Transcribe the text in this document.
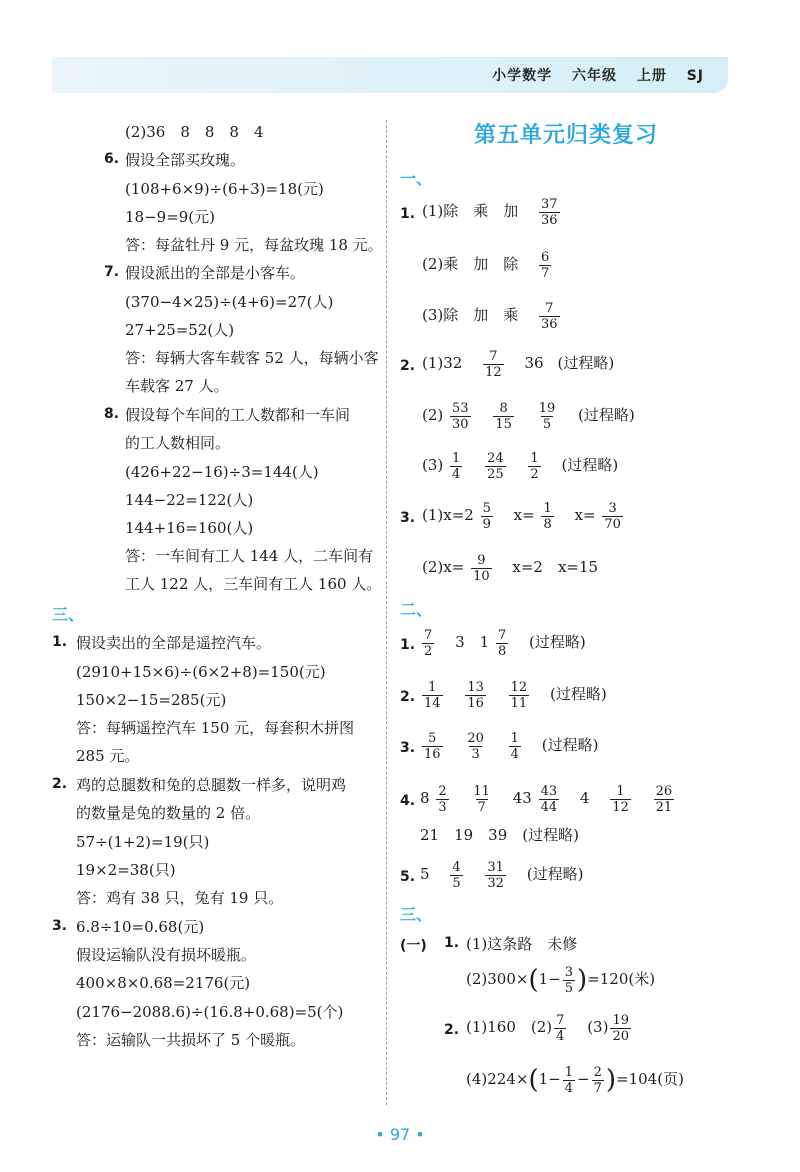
小学数学 六年级 上册 SJ
(2)36　8　8　8　4
6. 假设全部买玫瑰。
(108+6×9)÷(6+3)=18(元)
18−9=9(元)
答：每盆牡丹 9 元，每盆玫瑰 18 元。
7. 假设派出的全部是小客车。
(370−4×25)÷(4+6)=27(人)
27+25=52(人)
答：每辆大客车载客 52 人，每辆小客
车载客 27 人。
8. 假设每个车间的工人数都和一车间
的工人数相同。
(426+22−16)÷3=144(人)
144−22=122(人)
144+16=160(人)
答：一车间有工人 144 人，二车间有
工人 122 人，三车间有工人 160 人。
三、
1. 假设卖出的全部是遥控汽车。
(2910+15×6)÷(6×2+8)=150(元)
150×2−15=285(元)
答：每辆遥控汽车 150 元，每套积木拼图
285 元。
2. 鸡的总腿数和兔的总腿数一样多，说明鸡
的数量是兔的数量的 2 倍。
57÷(1+2)=19(只)
19×2=38(只)
答：鸡有 38 只，兔有 19 只。
3. 6.8÷10=0.68(元)
假设运输队没有损坏暖瓶。
400×8×0.68=2176(元)
(2176−2088.6)÷(16.8+0.68)=5(个)
答：运输队一共损坏了 5 个暖瓶。
第五单元归类复习
一、
1. (1)除　乘　加 $\frac{37}{36}$
(2)乘　加　除 $\frac{6}{7}$
(3)除　加　乘 $\frac{7}{36}$
2. $(1)32 \frac{7}{12} 36$ (过程略)
$(2) \frac{53}{30}$
$\frac{8}{15}$
$\frac{19}{5}$ (过程略)
$(3) \frac{1}{4}$
$\frac{24}{25}$
$\frac{1}{2}$ (过程略)
3. $(1)x=2 \frac{5}{9} x= \frac{1}{8} x= \frac{3}{70}$
$(2)x= \frac{9}{10} x=2$　x=15
二、
1. $\frac{7}{2} 3$　$1 \frac{7}{8}$ (过程略)
2. $\frac{1}{14}$
$\frac{13}{16}$
$\frac{12}{11}$ (过程略)
3. $\frac{5}{16}$
$\frac{20}{3}$
$\frac{1}{4}$ (过程略)
4. $8 \frac{2}{3}$
$\frac{11}{7} 43 \frac{43}{44} 4 \frac{1}{12}$
$\frac{26}{21}$
21　19　39　(过程略)
5. $5 \frac{4}{5}$
$\frac{31}{32}$ (过程略)
三、
(一) 1. (1)这条路　未修
$(2)300\times(1- \frac{3}{5} )=120$(米)
2. (1)160　$(2) \frac{7}{4} (3) \frac{19}{20}$
$(4)224\times(1- \frac{1}{4} - \frac{2}{7} )=104$(页)
• 97 •
